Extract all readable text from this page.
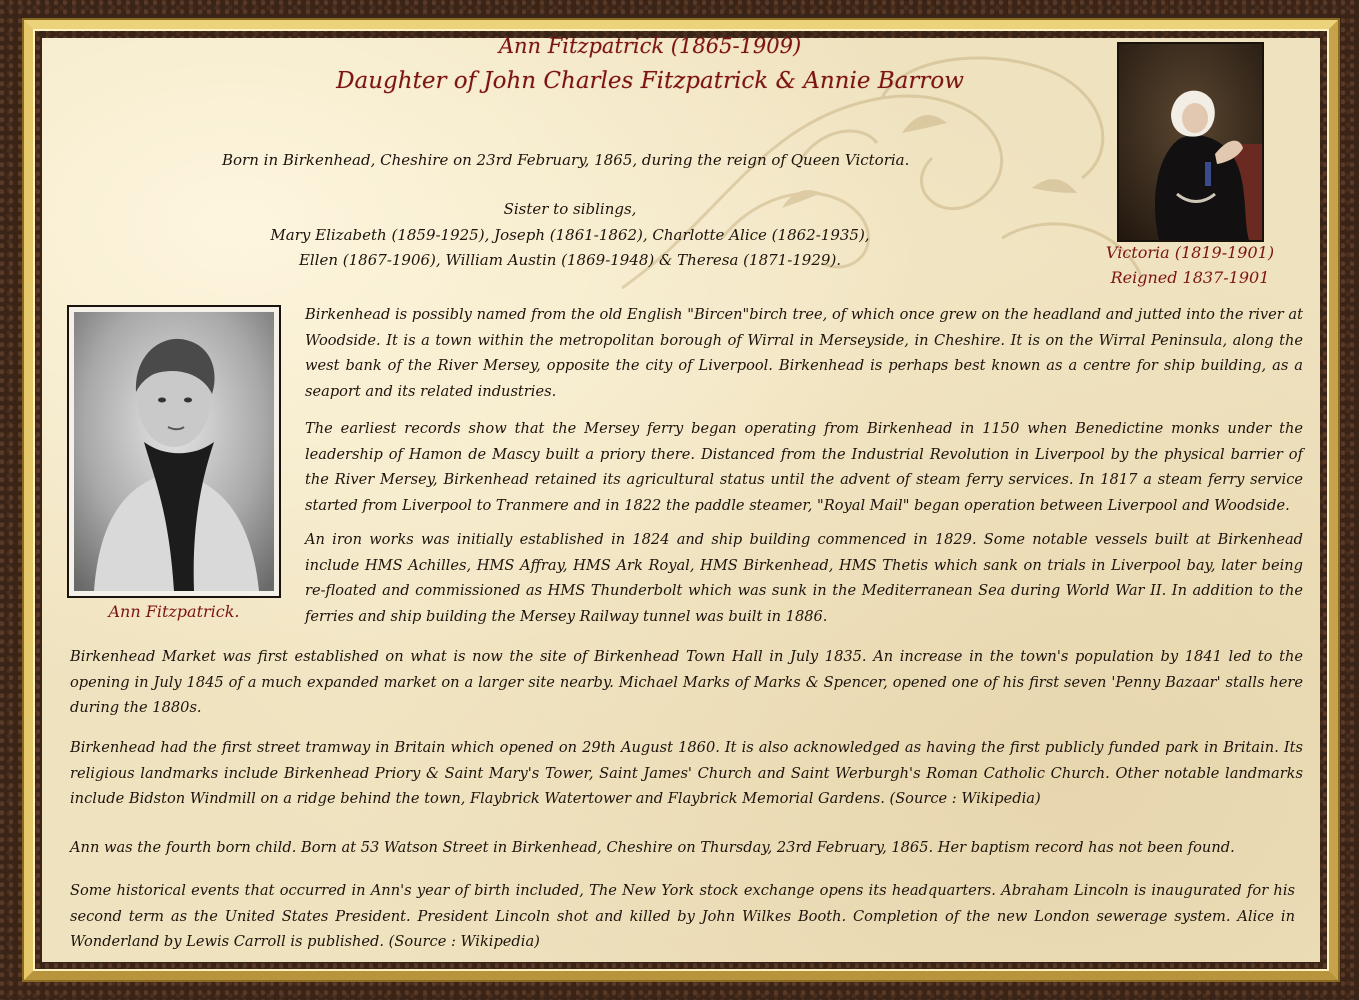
Ann Fitzpatrick (1865-1909)
Daughter of John Charles Fitzpatrick & Annie Barrow
Born in Birkenhead, Cheshire on 23rd February, 1865, during the reign of Queen Victoria.
Sister to siblings,
Mary Elizabeth (1859-1925), Joseph (1861-1862), Charlotte Alice (1862-1935),
Ellen (1867-1906), William Austin (1869-1948) & Theresa (1871-1929).	Victoria (1819-1901)
Reigned 1837-1901
Ann Fitzpatrick.
Birkenhead is possibly named from the old English "Bircen"birch tree, of which once grew on the headland and jutted into the river at Woodside. It is a town within the metropolitan borough of Wirral in Merseyside, in Cheshire. It is on the Wirral Peninsula, along the west bank of the River Mersey, opposite the city of Liverpool. Birkenhead is perhaps best known as a centre for ship building, as a seaport and its related industries.
The earliest records show that the Mersey ferry began operating from Birkenhead in 1150 when Benedictine monks under the leadership of Hamon de Mascy built a priory there. Distanced from the Industrial Revolution in Liverpool by the physical barrier of the River Mersey, Birkenhead retained its agricultural status until the advent of steam ferry services. In 1817 a steam ferry service started from Liverpool to Tranmere and in 1822 the paddle steamer, "Royal Mail" began operation between Liverpool and Woodside.
An iron works was initially established in 1824 and ship building commenced in 1829. Some notable vessels built at Birkenhead include HMS Achilles, HMS Affray, HMS Ark Royal, HMS Birkenhead, HMS Thetis which sank on trials in Liverpool bay, later being re-floated and commissioned as HMS Thunderbolt which was sunk in the Mediterranean Sea during World War II. In addition to the ferries and ship building the Mersey Railway tunnel was built in 1886.
Birkenhead Market was first established on what is now the site of Birkenhead Town Hall in July 1835. An increase in the town's population by 1841 led to the opening in July 1845 of a much expanded market on a larger site nearby. Michael Marks of Marks & Spencer, opened one of his first seven 'Penny Bazaar' stalls here during the 1880s.
Birkenhead had the first street tramway in Britain which opened on 29th August 1860. It is also acknowledged as having the first publicly funded park in Britain. Its religious landmarks include Birkenhead Priory & Saint Mary's Tower, Saint James' Church and Saint Werburgh's Roman Catholic Church. Other notable landmarks include Bidston Windmill on a ridge behind the town, Flaybrick Watertower and Flaybrick Memorial Gardens. (Source : Wikipedia)
Ann was the fourth born child. Born at 53 Watson Street in Birkenhead, Cheshire on Thursday, 23rd February, 1865. Her baptism record has not been found.
Some historical events that occurred in Ann's year of birth included, The New York stock exchange opens its headquarters. Abraham Lincoln is inaugurated for his second term as the United States President. President Lincoln shot and killed by John Wilkes Booth. Completion of the new London sewerage system. Alice in Wonderland by Lewis Carroll is published. (Source : Wikipedia)
